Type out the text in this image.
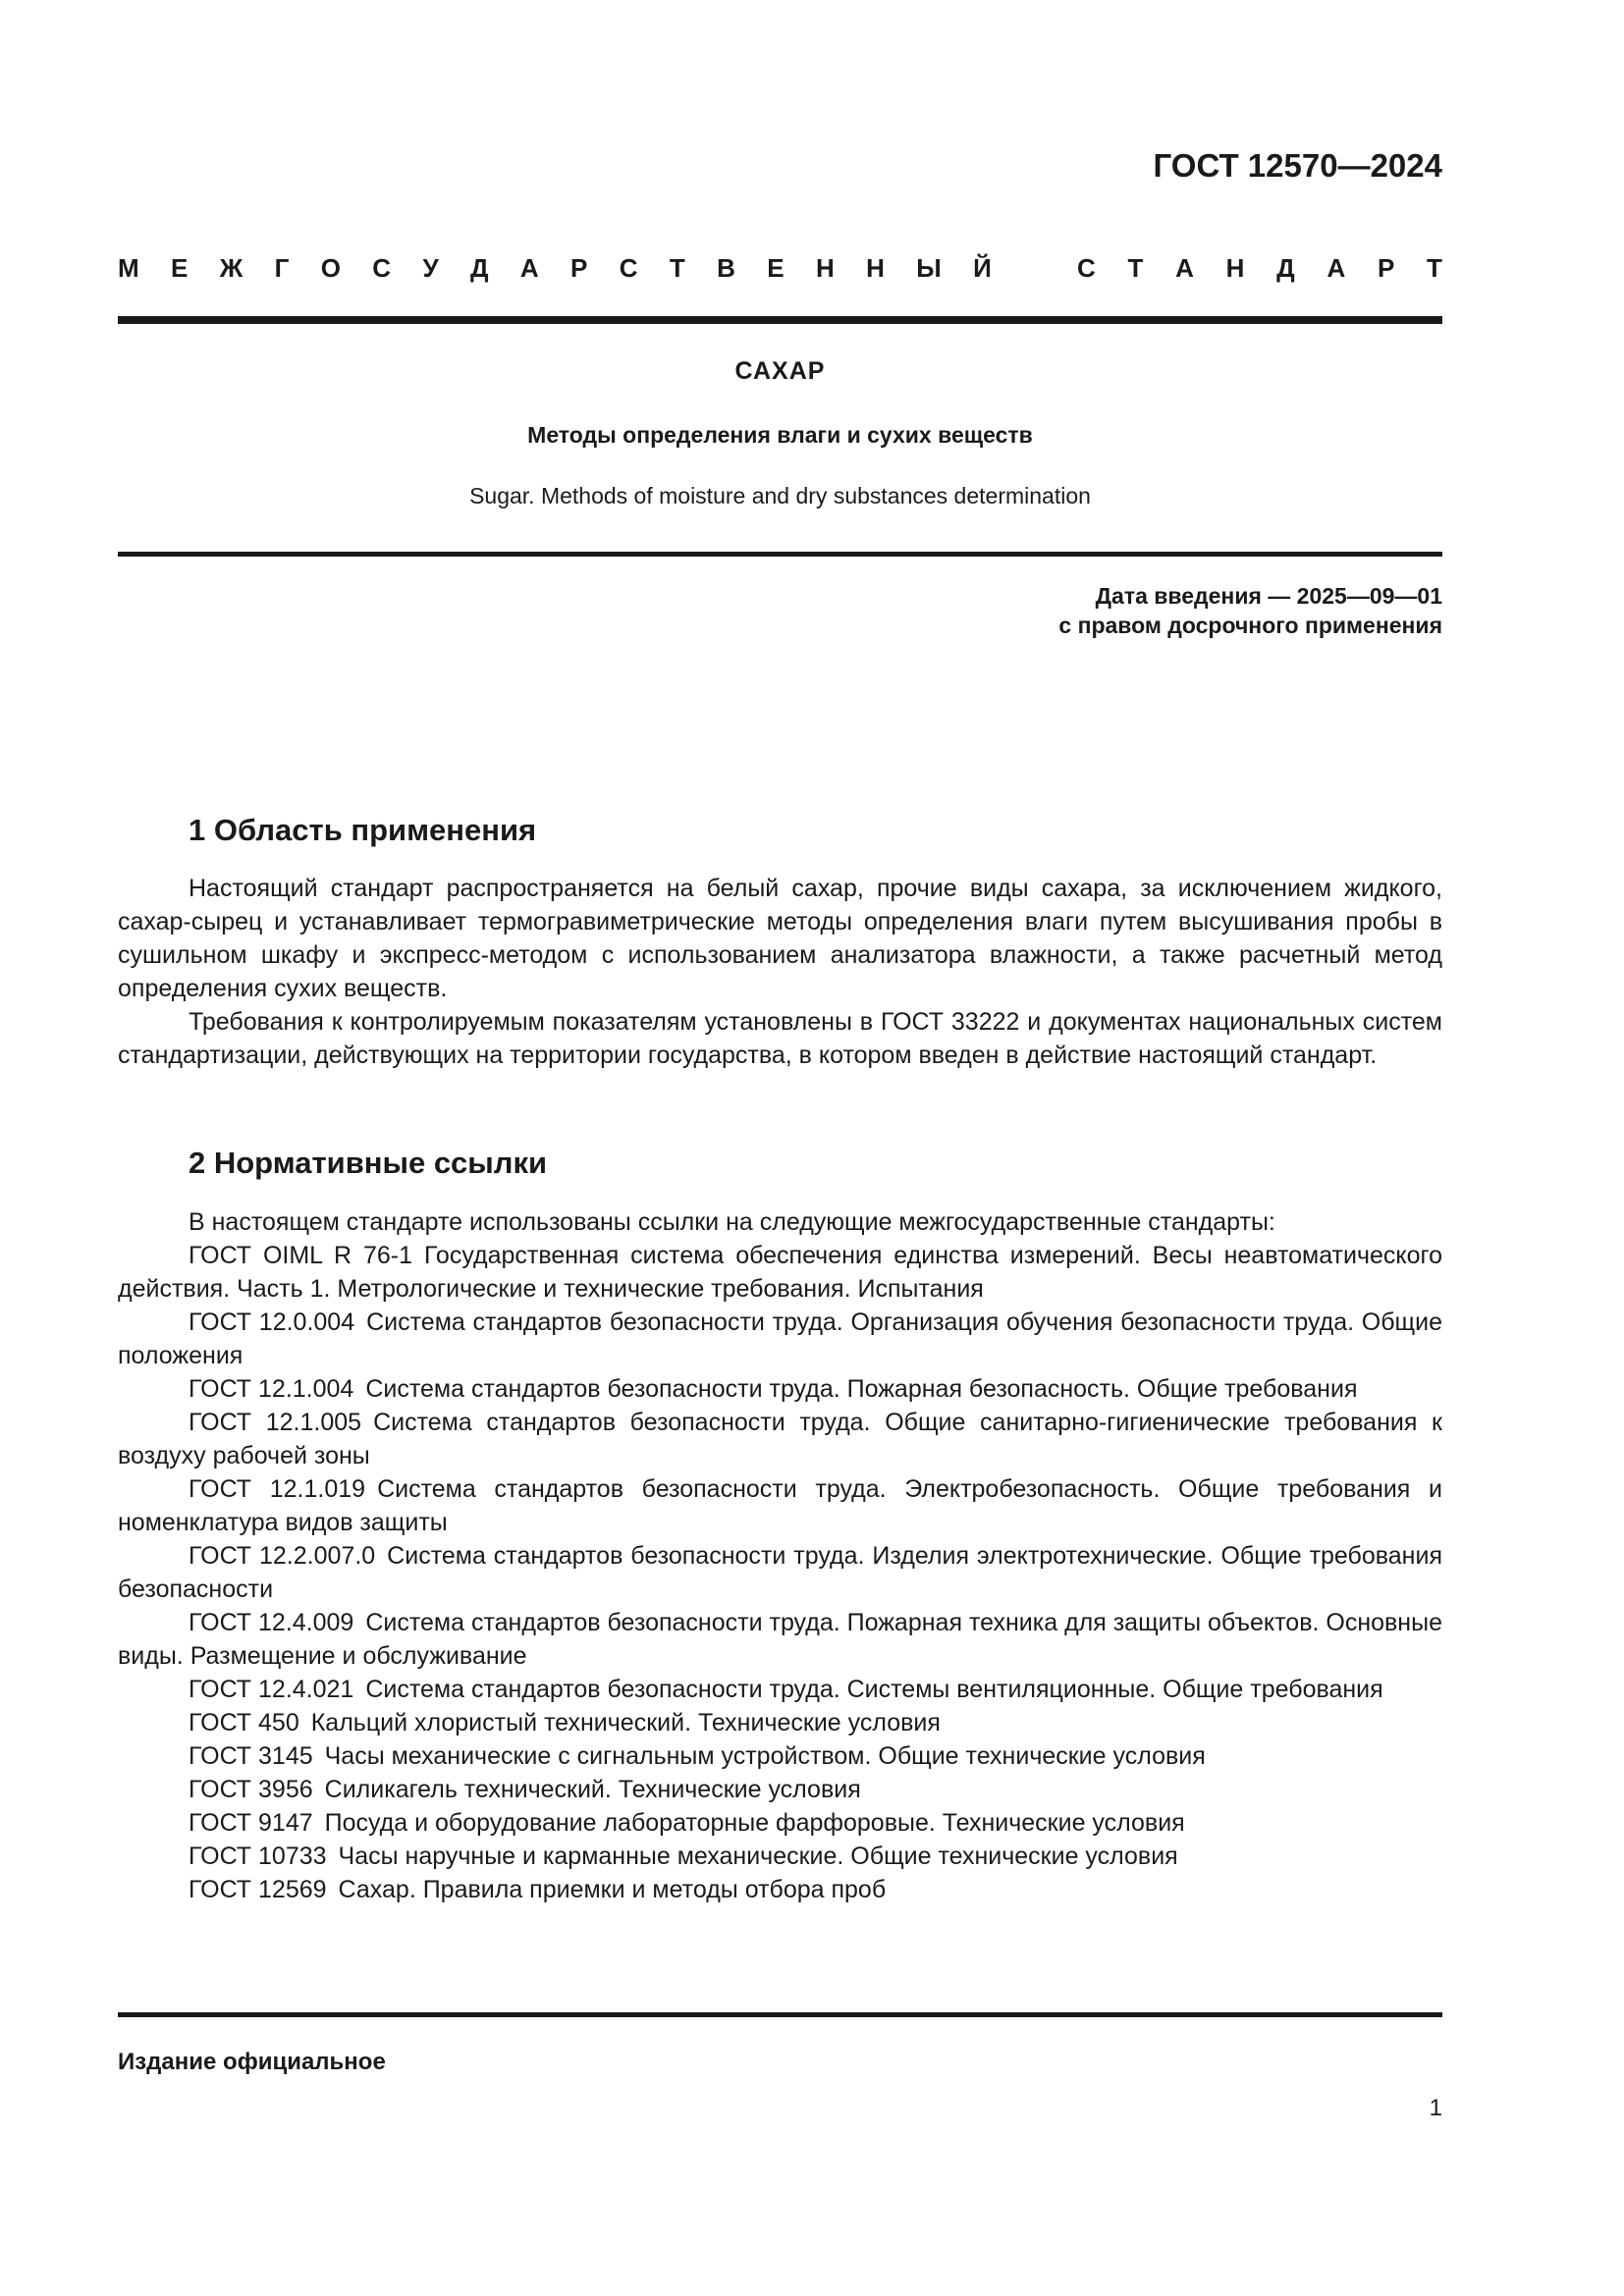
ГОСТ 12570—2024
М Е Ж Г О С У Д А Р С Т В Е Н Н Ы Й	С Т А Н Д А Р Т
САХАР
Методы определения влаги и сухих веществ
Sugar. Methods of moisture and dry substances determination
Дата введения — 2025—09—01
с правом досрочного применения
1 Область применения

Настоящий стандарт распространяется на белый сахар, прочие виды сахара, за исключением жидкого, сахар-сырец и устанавливает термогравиметрические методы определения влаги путем высушивания пробы в сушильном шкафу и экспресс-методом с использованием анализатора влажности, а также расчетный метод определения сухих веществ.

Требования к контролируемым показателям установлены в ГОСТ 33222 и документах национальных систем стандартизации, действующих на территории государства, в котором введен в действие настоящий стандарт.

2 Нормативные ссылки

В настоящем стандарте использованы ссылки на следующие межгосударственные стандарты:

ГОСТ OIML R 76-1 Государственная система обеспечения единства измерений. Весы неавтоматического действия. Часть 1. Метрологические и технические требования. Испытания

ГОСТ 12.0.004 Система стандартов безопасности труда. Организация обучения безопасности труда. Общие положения

ГОСТ 12.1.004 Система стандартов безопасности труда. Пожарная безопасность. Общие требования

ГОСТ 12.1.005 Система стандартов безопасности труда. Общие санитарно-гигиенические требования к воздуху рабочей зоны

ГОСТ 12.1.019 Система стандартов безопасности труда. Электробезопасность. Общие требования и номенклатура видов защиты

ГОСТ 12.2.007.0 Система стандартов безопасности труда. Изделия электротехнические. Общие требования безопасности

ГОСТ 12.4.009 Система стандартов безопасности труда. Пожарная техника для защиты объектов. Основные виды. Размещение и обслуживание

ГОСТ 12.4.021 Система стандартов безопасности труда. Системы вентиляционные. Общие требования

ГОСТ 450 Кальций хлористый технический. Технические условия

ГОСТ 3145 Часы механические с сигнальным устройством. Общие технические условия

ГОСТ 3956 Силикагель технический. Технические условия

ГОСТ 9147 Посуда и оборудование лабораторные фарфоровые. Технические условия

ГОСТ 10733 Часы наручные и карманные механические. Общие технические условия

ГОСТ 12569 Сахар. Правила приемки и методы отбора проб

Издание официальное
1
